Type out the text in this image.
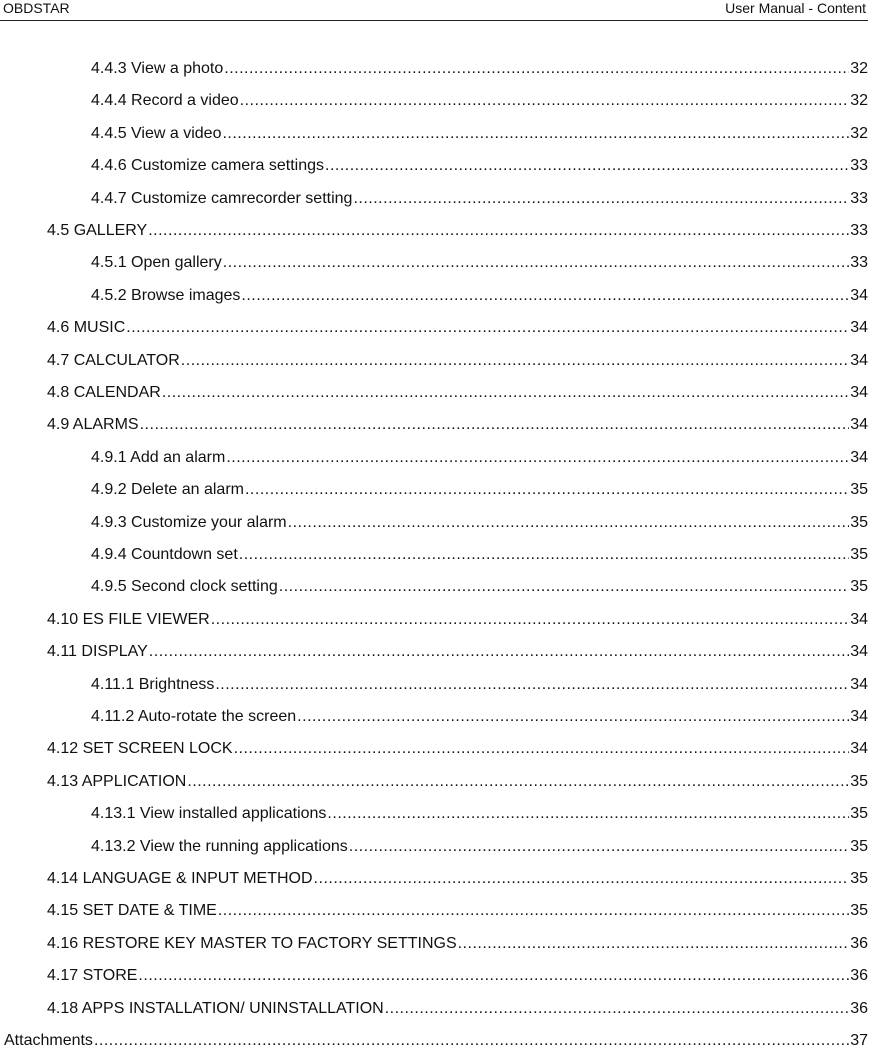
OBDSTAR	User Manual - Content
4.4.3 View a photo .....	32
4.4.4 Record a video .....	32
4.4.5 View a video .....	32
4.4.6 Customize camera settings .....	33
4.4.7 Customize camrecorder setting .....	33
4.5 GALLERY .....	33
4.5.1 Open gallery .....	33
4.5.2 Browse images .....	34
4.6 MUSIC .....	34
4.7 CALCULATOR .....	34
4.8 CALENDAR .....	34
4.9 ALARMS .....	34
4.9.1 Add an alarm .....	34
4.9.2 Delete an alarm .....	35
4.9.3 Customize your alarm .....	35
4.9.4 Countdown set .....	35
4.9.5 Second clock setting .....	35
4.10 ES FILE VIEWER .....	34
4.11 DISPLAY .....	34
4.11.1 Brightness .....	34
4.11.2 Auto-rotate the screen .....	34
4.12 SET SCREEN LOCK .....	34
4.13 APPLICATION .....	35
4.13.1 View installed applications .....	35
4.13.2 View the running applications .....	35
4.14 LANGUAGE & INPUT METHOD .....	35
4.15 SET DATE & TIME .....	35
4.16 RESTORE KEY MASTER TO FACTORY SETTINGS .....	36
4.17 STORE .....	36
4.18 APPS INSTALLATION/ UNINSTALLATION .....	36
Attachments .....	37
